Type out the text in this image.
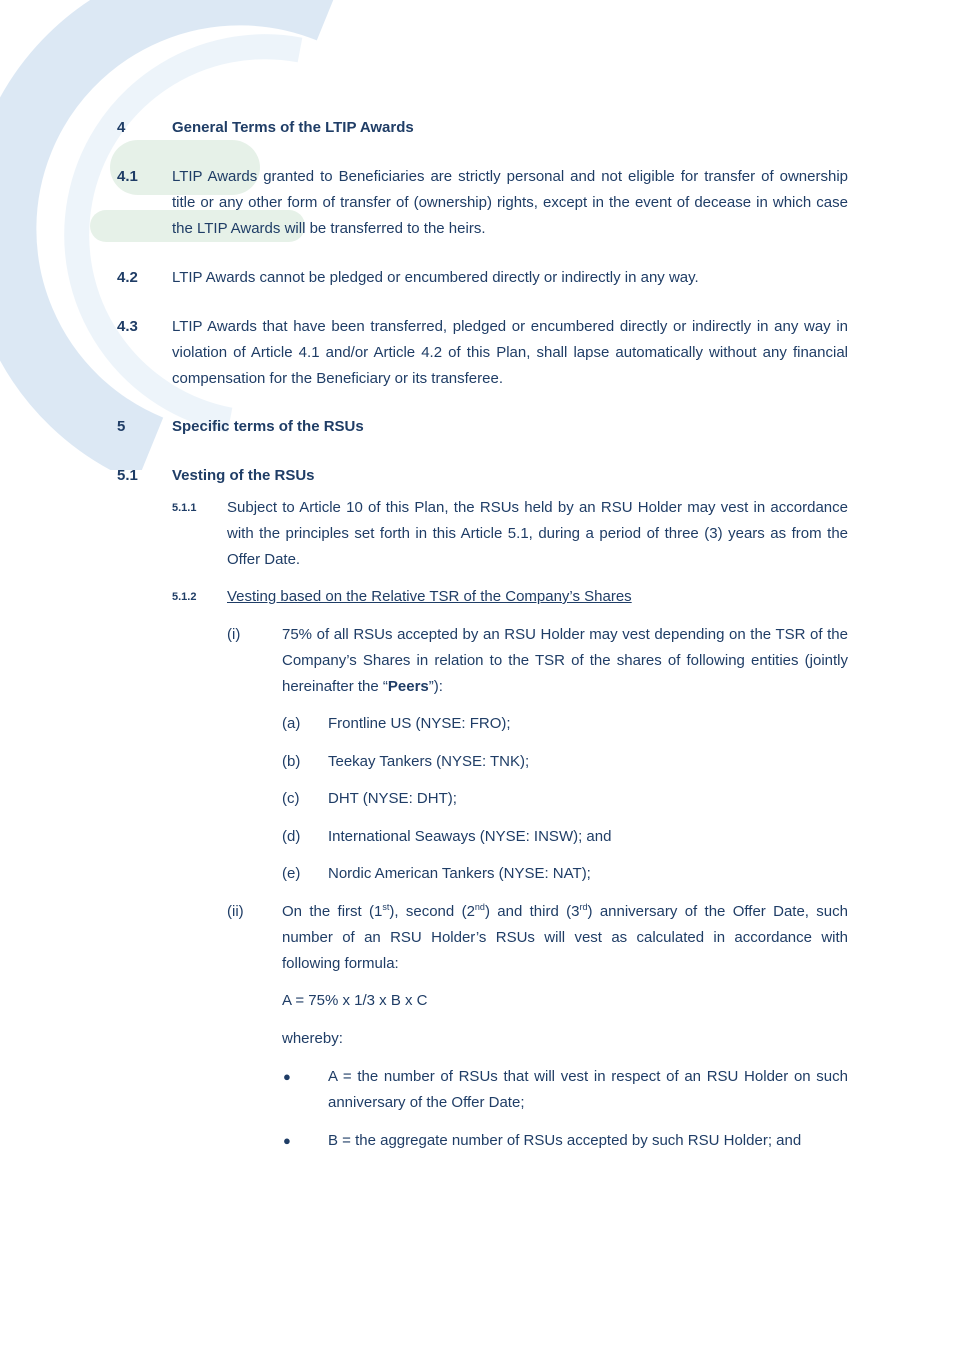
4	General Terms of the LTIP Awards
4.1 LTIP Awards granted to Beneficiaries are strictly personal and not eligible for transfer of ownership title or any other form of transfer of (ownership) rights, except in the event of decease in which case the LTIP Awards will be transferred to the heirs.
4.2 LTIP Awards cannot be pledged or encumbered directly or indirectly in any way.
4.3 LTIP Awards that have been transferred, pledged or encumbered directly or indirectly in any way in violation of Article 4.1 and/or Article 4.2 of this Plan, shall lapse automatically without any financial compensation for the Beneficiary or its transferee.
5	Specific terms of the RSUs
5.1 Vesting of the RSUs
5.1.1 Subject to Article 10 of this Plan, the RSUs held by an RSU Holder may vest in accordance with the principles set forth in this Article 5.1, during a period of three (3) years as from the Offer Date.
5.1.2 Vesting based on the Relative TSR of the Company’s Shares
(i)	75% of all RSUs accepted by an RSU Holder may vest depending on the TSR of the Company’s Shares in relation to the TSR of the shares of following entities (jointly hereinafter the “Peers”):
(a) Frontline US (NYSE: FRO);
(b) Teekay Tankers (NYSE: TNK);
(c) DHT (NYSE: DHT);
(d) International Seaways (NYSE: INSW); and
(e) Nordic American Tankers (NYSE: NAT);
(ii)	On the first (1st), second (2nd) and third (3rd) anniversary of the Offer Date, such number of an RSU Holder’s RSUs will vest as calculated in accordance with following formula:
A = 75% x 1/3 x B x C
whereby:
● A = the number of RSUs that will vest in respect of an RSU Holder on such anniversary of the Offer Date;
● B = the aggregate number of RSUs accepted by such RSU Holder; and
